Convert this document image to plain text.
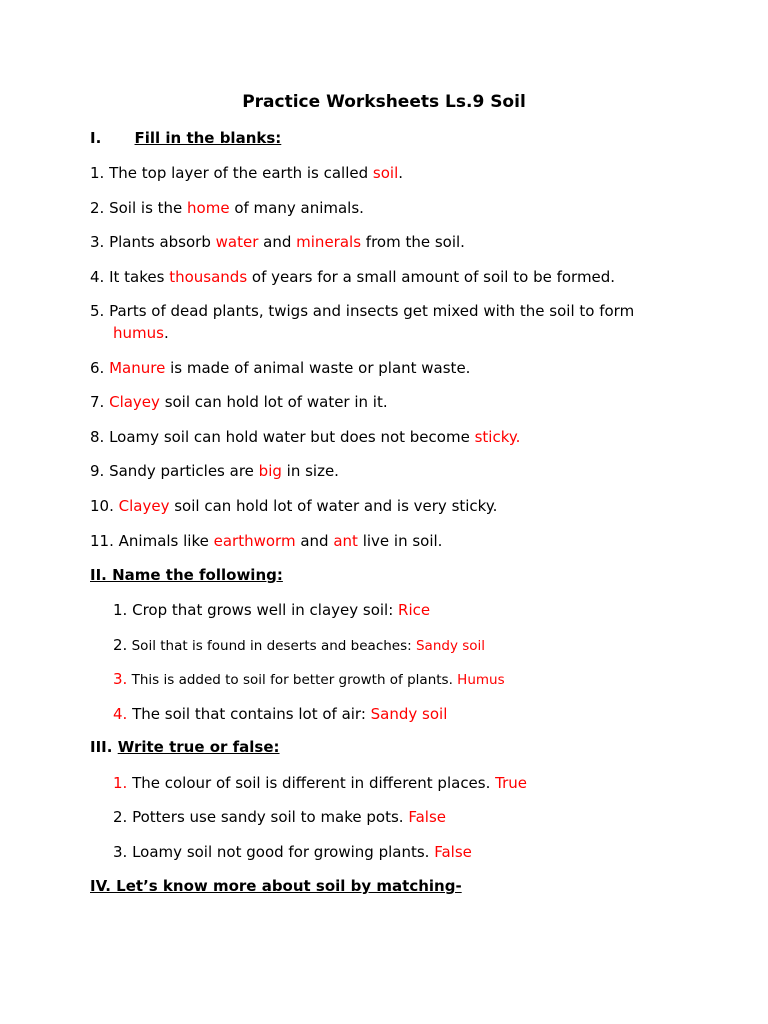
Practice Worksheets Ls.9 Soil
I. Fill in the blanks:
1. The top layer of the earth is called soil.
2. Soil is the home of many animals.
3. Plants absorb water and minerals from the soil.
4. It takes thousands of years for a small amount of soil to be formed.
5. Parts of dead plants, twigs and insects get mixed with the soil to form
humus.
6. Manure is made of animal waste or plant waste.
7. Clayey soil can hold lot of water in it.
8. Loamy soil can hold water but does not become sticky.
9. Sandy particles are big in size.
10. Clayey soil can hold lot of water and is very sticky.
11. Animals like earthworm and ant live in soil.
II. Name the following:
1. Crop that grows well in clayey soil: Rice
2. Soil that is found in deserts and beaches: Sandy soil
3. This is added to soil for better growth of plants. Humus
4. The soil that contains lot of air: Sandy soil
III. Write true or false:
1. The colour of soil is different in different places. True
2. Potters use sandy soil to make pots. False
3. Loamy soil not good for growing plants. False
IV. Let’s know more about soil by matching-
